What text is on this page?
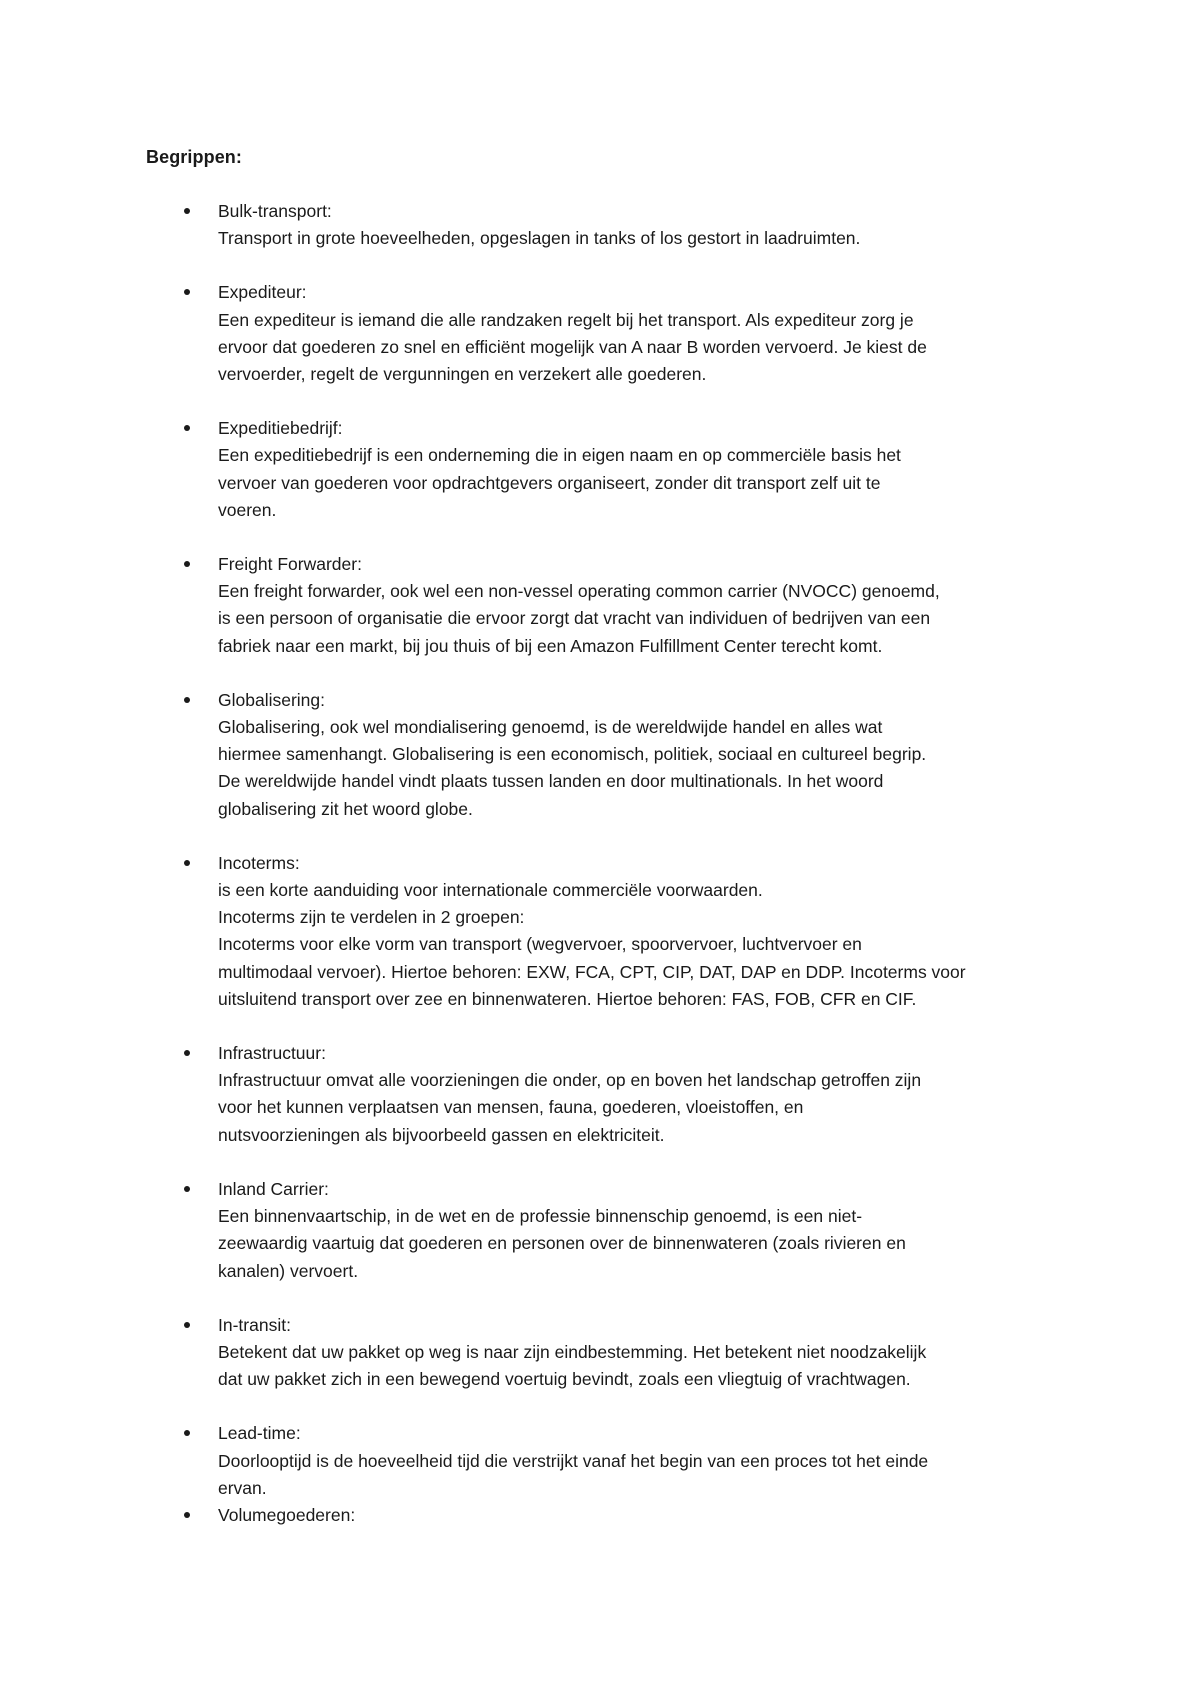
Begrippen:
Bulk-transport:
Transport in grote hoeveelheden, opgeslagen in tanks of los gestort in laadruimten.
Expediteur:
Een expediteur is iemand die alle randzaken regelt bij het transport. Als expediteur zorg je
ervoor dat goederen zo snel en efficiënt mogelijk van A naar B worden vervoerd. Je kiest de
vervoerder, regelt de vergunningen en verzekert alle goederen.
Expeditiebedrijf:
Een expeditiebedrijf is een onderneming die in eigen naam en op commerciële basis het
vervoer van goederen voor opdrachtgevers organiseert, zonder dit transport zelf uit te
voeren.
Freight Forwarder:
Een freight forwarder, ook wel een non-vessel operating common carrier (NVOCC) genoemd,
is een persoon of organisatie die ervoor zorgt dat vracht van individuen of bedrijven van een
fabriek naar een markt, bij jou thuis of bij een Amazon Fulfillment Center terecht komt.
Globalisering:
Globalisering, ook wel mondialisering genoemd, is de wereldwijde handel en alles wat
hiermee samenhangt. Globalisering is een economisch, politiek, sociaal en cultureel begrip.
De wereldwijde handel vindt plaats tussen landen en door multinationals. In het woord
globalisering zit het woord globe.
Incoterms:
is een korte aanduiding voor internationale commerciële voorwaarden.
Incoterms zijn te verdelen in 2 groepen:
Incoterms voor elke vorm van transport (wegvervoer, spoorvervoer, luchtvervoer en
multimodaal vervoer). Hiertoe behoren: EXW, FCA, CPT, CIP, DAT, DAP en DDP. Incoterms voor
uitsluitend transport over zee en binnenwateren. Hiertoe behoren: FAS, FOB, CFR en CIF.
Infrastructuur:
Infrastructuur omvat alle voorzieningen die onder, op en boven het landschap getroffen zijn
voor het kunnen verplaatsen van mensen, fauna, goederen, vloeistoffen, en
nutsvoorzieningen als bijvoorbeeld gassen en elektriciteit.
Inland Carrier:
Een binnenvaartschip, in de wet en de professie binnenschip genoemd, is een niet-
zeewaardig vaartuig dat goederen en personen over de binnenwateren (zoals rivieren en
kanalen) vervoert.
In-transit:
Betekent dat uw pakket op weg is naar zijn eindbestemming. Het betekent niet noodzakelijk
dat uw pakket zich in een bewegend voertuig bevindt, zoals een vliegtuig of vrachtwagen.
Lead-time:
Doorlooptijd is de hoeveelheid tijd die verstrijkt vanaf het begin van een proces tot het einde
ervan.
Volumegoederen:
